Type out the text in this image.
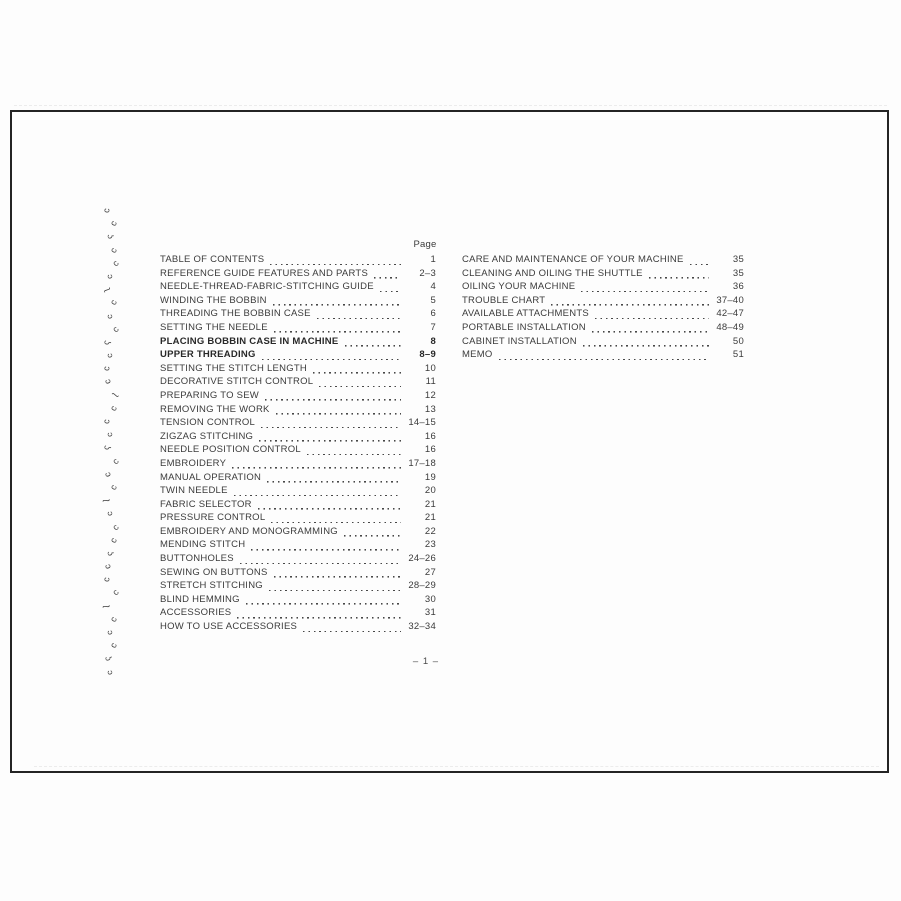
ɔ
ͻ
ʖ
ɔ
ͻ
ɔ
ʅ
ɔ
ɔ
ͻ
ʖ
ɔ
ͻ
ɔ
ʅ
ɔ
ɔ
ͻ
ʖ
ɔ
ͻ
ɔ
ʅ
ɔ
ɔ
ͻ
ʖ
ɔ
ͻ
ɔ
ʅ
ɔ
ɔ
ͻ
ʖ
ɔ
Page
TABLE OF CONTENTS	1
REFERENCE GUIDE FEATURES AND PARTS	2–3
NEEDLE-THREAD-FABRIC-STITCHING GUIDE	4
WINDING THE BOBBIN	5
THREADING THE BOBBIN CASE	6
SETTING THE NEEDLE	7
PLACING BOBBIN CASE IN MACHINE	8
UPPER THREADING	8–9
SETTING THE STITCH LENGTH	10
DECORATIVE STITCH CONTROL	11
PREPARING TO SEW	12
REMOVING THE WORK	13
TENSION CONTROL	14–15
ZIGZAG STITCHING	16
NEEDLE POSITION CONTROL	16
EMBROIDERY	17–18
MANUAL OPERATION	19
TWIN NEEDLE	20
FABRIC SELECTOR	21
PRESSURE CONTROL	21
EMBROIDERY AND MONOGRAMMING	22
MENDING STITCH	23
BUTTONHOLES	24–26
SEWING ON BUTTONS	27
STRETCH STITCHING	28–29
BLIND HEMMING	30
ACCESSORIES	31
HOW TO USE ACCESSORIES	32–34
CARE AND MAINTENANCE OF YOUR MACHINE	35
CLEANING AND OILING THE SHUTTLE	35
OILING YOUR MACHINE	36
TROUBLE CHART	37–40
AVAILABLE ATTACHMENTS	42–47
PORTABLE INSTALLATION	48–49
CABINET INSTALLATION	50
MEMO	51
– 1 –
